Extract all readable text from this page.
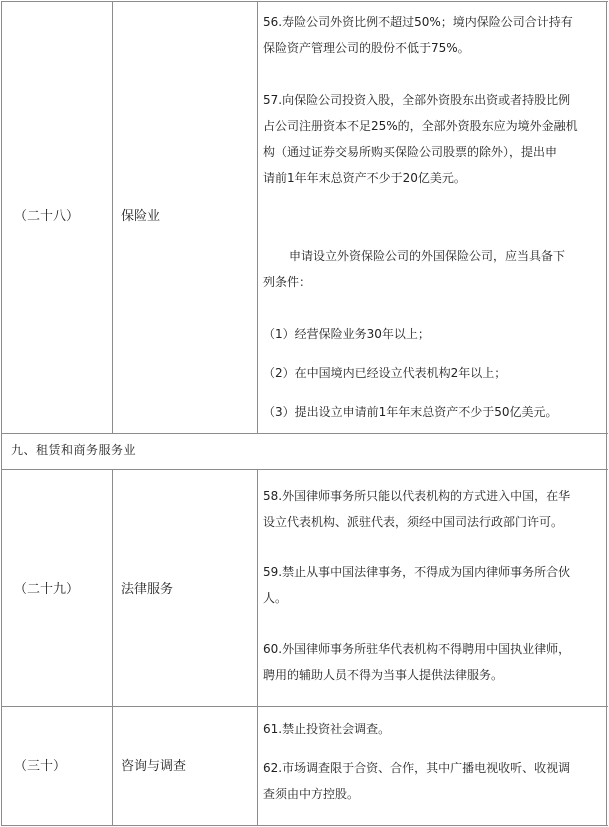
（二十八）	保险业
56.寿险公司外资比例不超过50%；境内保险公司合计持有
保险资产管理公司的股份不低于75%。
57.向保险公司投资入股，全部外资股东出资或者持股比例
占公司注册资本不足25%的，全部外资股东应为境外金融机
构（通过证券交易所购买保险公司股票的除外），提出申
请前1年年末总资产不少于20亿美元。
申请设立外资保险公司的外国保险公司，应当具备下
列条件：
（1）经营保险业务30年以上；
（2）在中国境内已经设立代表机构2年以上；
（3）提出设立申请前1年年末总资产不少于50亿美元。
九、租赁和商务服务业
（二十九）	法律服务
58.外国律师事务所只能以代表机构的方式进入中国，在华
设立代表机构、派驻代表，须经中国司法行政部门许可。
59.禁止从事中国法律事务，不得成为国内律师事务所合伙
人。
60.外国律师事务所驻华代表机构不得聘用中国执业律师，
聘用的辅助人员不得为当事人提供法律服务。
（三十）	咨询与调查
61.禁止投资社会调查。
62.市场调查限于合资、合作，其中广播电视收听、收视调
查须由中方控股。
